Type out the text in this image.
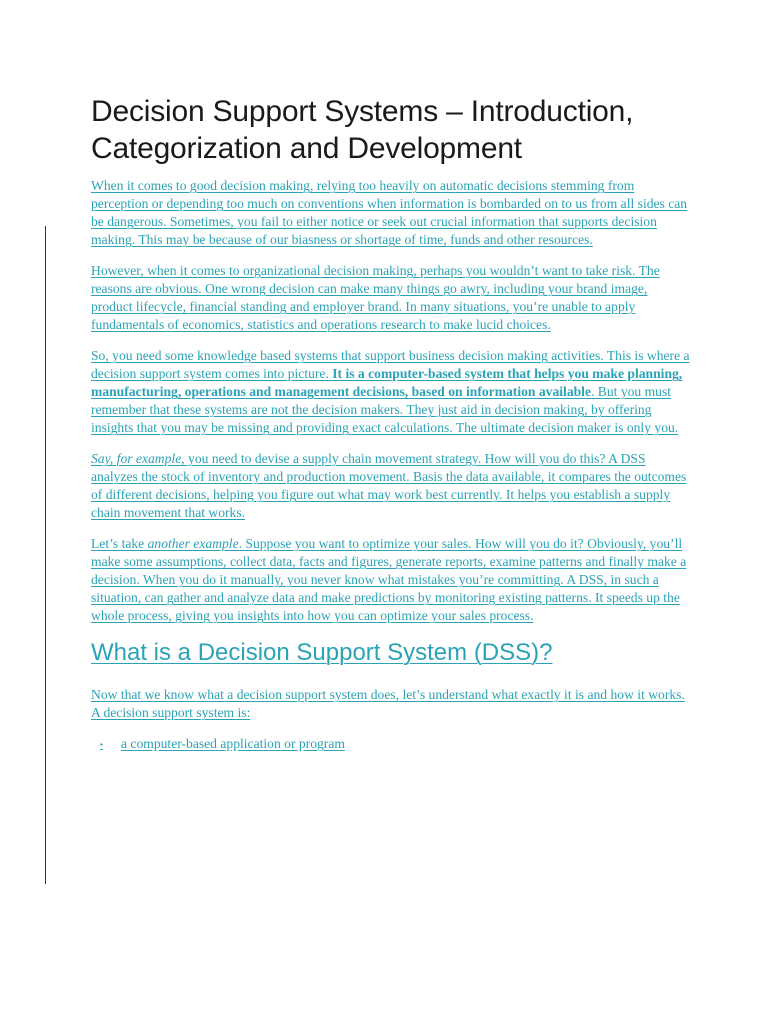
Decision Support Systems – Introduction, Categorization and Development

When it comes to good decision making, relying too heavily on automatic decisions stemming from perception or depending too much on conventions when information is bombarded on to us from all sides can be dangerous. Sometimes, you fail to either notice or seek out crucial information that supports decision making. This may be because of our biasness or shortage of time, funds and other resources.

However, when it comes to organizational decision making, perhaps you wouldn’t want to take risk. The reasons are obvious. One wrong decision can make many things go awry, including your brand image, product lifecycle, financial standing and employer brand. In many situations, you’re unable to apply fundamentals of economics, statistics and operations research to make lucid choices.

So, you need some knowledge based systems that support business decision making activities. This is where a decision support system comes into picture. It is a computer-based system that helps you make planning, manufacturing, operations and management decisions, based on information available. But you must remember that these systems are not the decision makers. They just aid in decision making, by offering insights that you may be missing and providing exact calculations. The ultimate decision maker is only you.

Say, for example, you need to devise a supply chain movement strategy. How will you do this? A DSS analyzes the stock of inventory and production movement. Basis the data available, it compares the outcomes of different decisions, helping you figure out what may work best currently. It helps you establish a supply chain movement that works.

Let’s take another example. Suppose you want to optimize your sales. How will you do it? Obviously, you’ll make some assumptions, collect data, facts and figures, generate reports, examine patterns and finally make a decision. When you do it manually, you never know what mistakes you’re committing. A DSS, in such a situation, can gather and analyze data and make predictions by monitoring existing patterns. It speeds up the whole process, giving you insights into how you can optimize your sales process.

What is a Decision Support System (DSS)?

Now that we know what a decision support system does, let’s understand what exactly it is and how it works. A decision support system is:

▪	a computer-based application or program
